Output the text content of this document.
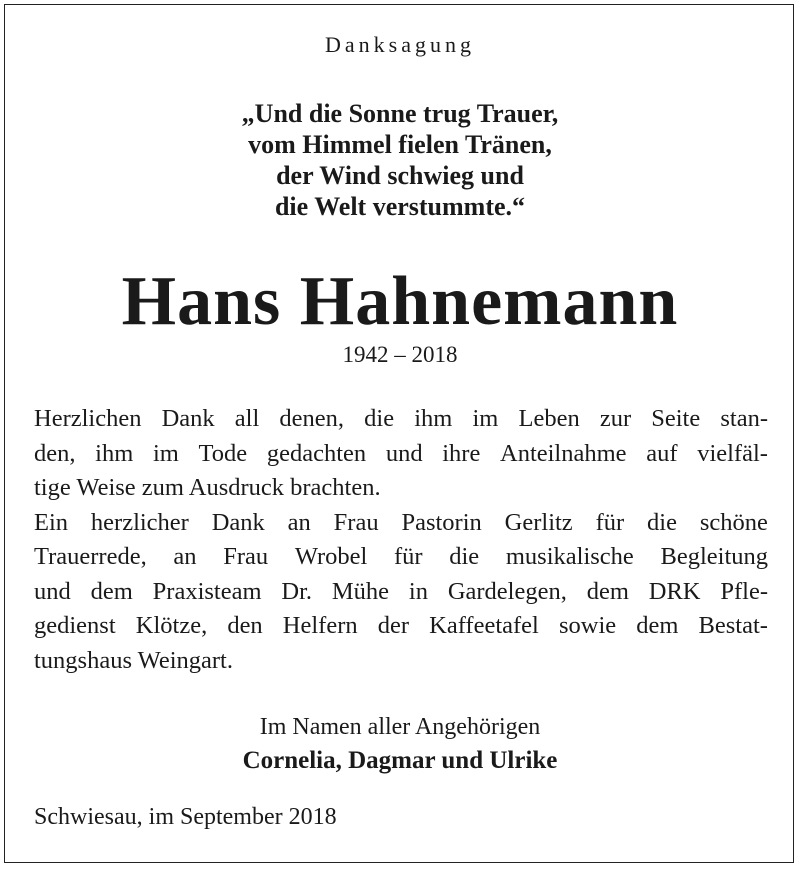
Danksagung
„Und die Sonne trug Trauer,
vom Himmel fielen Tränen,
der Wind schwieg und
die Welt verstummte.“
Hans Hahnemann
1942 – 2018
Herzlichen Dank all denen, die ihm im Leben zur Seite stan-
den, ihm im Tode gedachten und ihre Anteilnahme auf vielfäl-
tige Weise zum Ausdruck brachten.
Ein herzlicher Dank an Frau Pastorin Gerlitz für die schöne
Trauerrede, an Frau Wrobel für die musikalische Begleitung
und dem Praxisteam Dr. Mühe in Gardelegen, dem DRK Pfle-
gedienst Klötze, den Helfern der Kaffeetafel sowie dem Bestat-
tungshaus Weingart.
Im Namen aller Angehörigen
Cornelia, Dagmar und Ulrike
Schwiesau, im September 2018
